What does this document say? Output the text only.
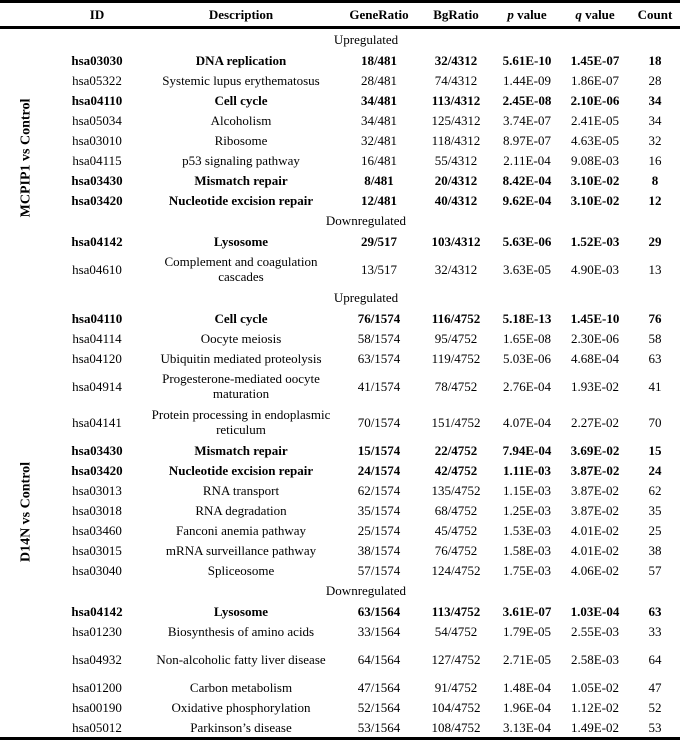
	ID	Description	GeneRatio	BgRatio	p value	q value	Count

MCPIP1 vs Control	Upregulated						
	hsa03030	DNA replication	18/481	32/4312	5.61E-10	1.45E-07	18
	hsa05322	Systemic lupus erythematosus	28/481	74/4312	1.44E-09	1.86E-07	28
	hsa04110	Cell cycle	34/481	113/4312	2.45E-08	2.10E-06	34
	hsa05034	Alcoholism	34/481	125/4312	3.74E-07	2.41E-05	34
	hsa03010	Ribosome	32/481	118/4312	8.97E-07	4.63E-05	32
	hsa04115	p53 signaling pathway	16/481	55/4312	2.11E-04	9.08E-03	16
	hsa03430	Mismatch repair	8/481	20/4312	8.42E-04	3.10E-02	8
	hsa03420	Nucleotide excision repair	12/481	40/4312	9.62E-04	3.10E-02	12
	Downregulated						
	hsa04142	Lysosome	29/517	103/4312	5.63E-06	1.52E-03	29
	hsa04610	Complement and coagulation cascades	13/517	32/4312	3.63E-05	4.90E-03	13

D14N vs Control	Upregulated						
	hsa04110	Cell cycle	76/1574	116/4752	5.18E-13	1.45E-10	76
	hsa04114	Oocyte meiosis	58/1574	95/4752	1.65E-08	2.30E-06	58
	hsa04120	Ubiquitin mediated proteolysis	63/1574	119/4752	5.03E-06	4.68E-04	63
	hsa04914	Progesterone-mediated oocyte maturation	41/1574	78/4752	2.76E-04	1.93E-02	41
	hsa04141	Protein processing in endoplasmic reticulum	70/1574	151/4752	4.07E-04	2.27E-02	70
	hsa03430	Mismatch repair	15/1574	22/4752	7.94E-04	3.69E-02	15
	hsa03420	Nucleotide excision repair	24/1574	42/4752	1.11E-03	3.87E-02	24
	hsa03013	RNA transport	62/1574	135/4752	1.15E-03	3.87E-02	62
	hsa03018	RNA degradation	35/1574	68/4752	1.25E-03	3.87E-02	35
	hsa03460	Fanconi anemia pathway	25/1574	45/4752	1.53E-03	4.01E-02	25
	hsa03015	mRNA surveillance pathway	38/1574	76/4752	1.58E-03	4.01E-02	38
	hsa03040	Spliceosome	57/1574	124/4752	1.75E-03	4.06E-02	57
	Downregulated						
	hsa04142	Lysosome	63/1564	113/4752	3.61E-07	1.03E-04	63
	hsa01230	Biosynthesis of amino acids	33/1564	54/4752	1.79E-05	2.55E-03	33
	hsa04932	Non-alcoholic fatty liver disease	64/1564	127/4752	2.71E-05	2.58E-03	64
	hsa01200	Carbon metabolism	47/1564	91/4752	1.48E-04	1.05E-02	47
	hsa00190	Oxidative phosphorylation	52/1564	104/4752	1.96E-04	1.12E-02	52
	hsa05012	Parkinson’s disease	53/1564	108/4752	3.13E-04	1.49E-02	53
